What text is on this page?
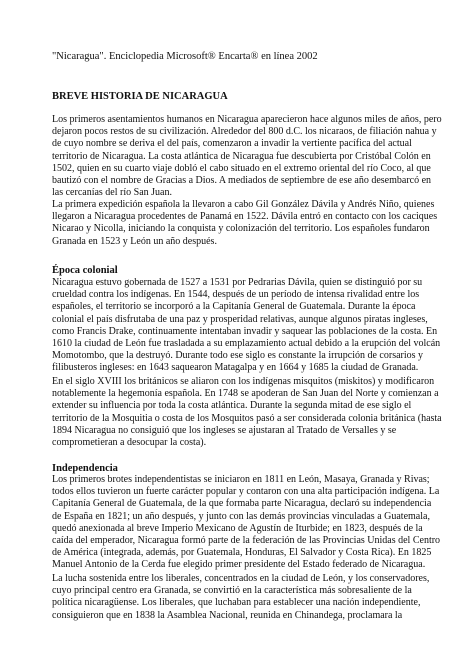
"Nicaragua". Enciclopedia Microsoft® Encarta® en línea 2002
BREVE HISTORIA DE NICARAGUA

Los primeros asentamientos humanos en Nicaragua aparecieron hace algunos miles de años, pero
dejaron pocos restos de su civilización. Alrededor del 800 d.C. los nicaraos, de filiación nahua y
de cuyo nombre se deriva el del país, comenzaron a invadir la vertiente pacífica del actual
territorio de Nicaragua. La costa atlántica de Nicaragua fue descubierta por Cristóbal Colón en
1502, quien en su cuarto viaje dobló el cabo situado en el extremo oriental del río Coco, al que
bautizó con el nombre de Gracias a Dios. A mediados de septiembre de ese año desembarcó en
las cercanías del río San Juan.

La primera expedición española la llevaron a cabo Gil González Dávila y Andrés Niño, quienes
llegaron a Nicaragua procedentes de Panamá en 1522. Dávila entró en contacto con los caciques
Nicarao y Nicolla, iniciando la conquista y colonización del territorio. Los españoles fundaron
Granada en 1523 y León un año después.

Época colonial

Nicaragua estuvo gobernada de 1527 a 1531 por Pedrarias Dávila, quien se distinguió por su
crueldad contra los indígenas. En 1544, después de un período de intensa rivalidad entre los
españoles, el territorio se incorporó a la Capitanía General de Guatemala. Durante la época
colonial el país disfrutaba de una paz y prosperidad relativas, aunque algunos piratas ingleses,
como Francis Drake, continuamente intentaban invadir y saquear las poblaciones de la costa. En
1610 la ciudad de León fue trasladada a su emplazamiento actual debido a la erupción del volcán
Momotombo, que la destruyó. Durante todo ese siglo es constante la irrupción de corsarios y
filibusteros ingleses: en 1643 saquearon Matagalpa y en 1664 y 1685 la ciudad de Granada.

En el siglo XVIII los británicos se aliaron con los indígenas misquitos (miskitos) y modificaron
notablemente la hegemonía española. En 1748 se apoderan de San Juan del Norte y comienzan a
extender su influencia por toda la costa atlántica. Durante la segunda mitad de ese siglo el
territorio de la Mosquitia o costa de los Mosquitos pasó a ser considerada colonia británica (hasta
1894 Nicaragua no consiguió que los ingleses se ajustaran al Tratado de Versalles y se
comprometieran a desocupar la costa).

Independencia

Los primeros brotes independentistas se iniciaron en 1811 en León, Masaya, Granada y Rivas;
todos ellos tuvieron un fuerte carácter popular y contaron con una alta participación indígena. La
Capitanía General de Guatemala, de la que formaba parte Nicaragua, declaró su independencia
de España en 1821; un año después, y junto con las demás provincias vinculadas a Guatemala,
quedó anexionada al breve Imperio Mexicano de Agustín de Iturbide; en 1823, después de la
caída del emperador, Nicaragua formó parte de la federación de las Provincias Unidas del Centro
de América (integrada, además, por Guatemala, Honduras, El Salvador y Costa Rica). En 1825
Manuel Antonio de la Cerda fue elegido primer presidente del Estado federado de Nicaragua.

La lucha sostenida entre los liberales, concentrados en la ciudad de León, y los conservadores,
cuyo principal centro era Granada, se convirtió en la característica más sobresaliente de la
política nicaragüense. Los liberales, que luchaban para establecer una nación independiente,
consiguieron que en 1838 la Asamblea Nacional, reunida en Chinandega, proclamara la
